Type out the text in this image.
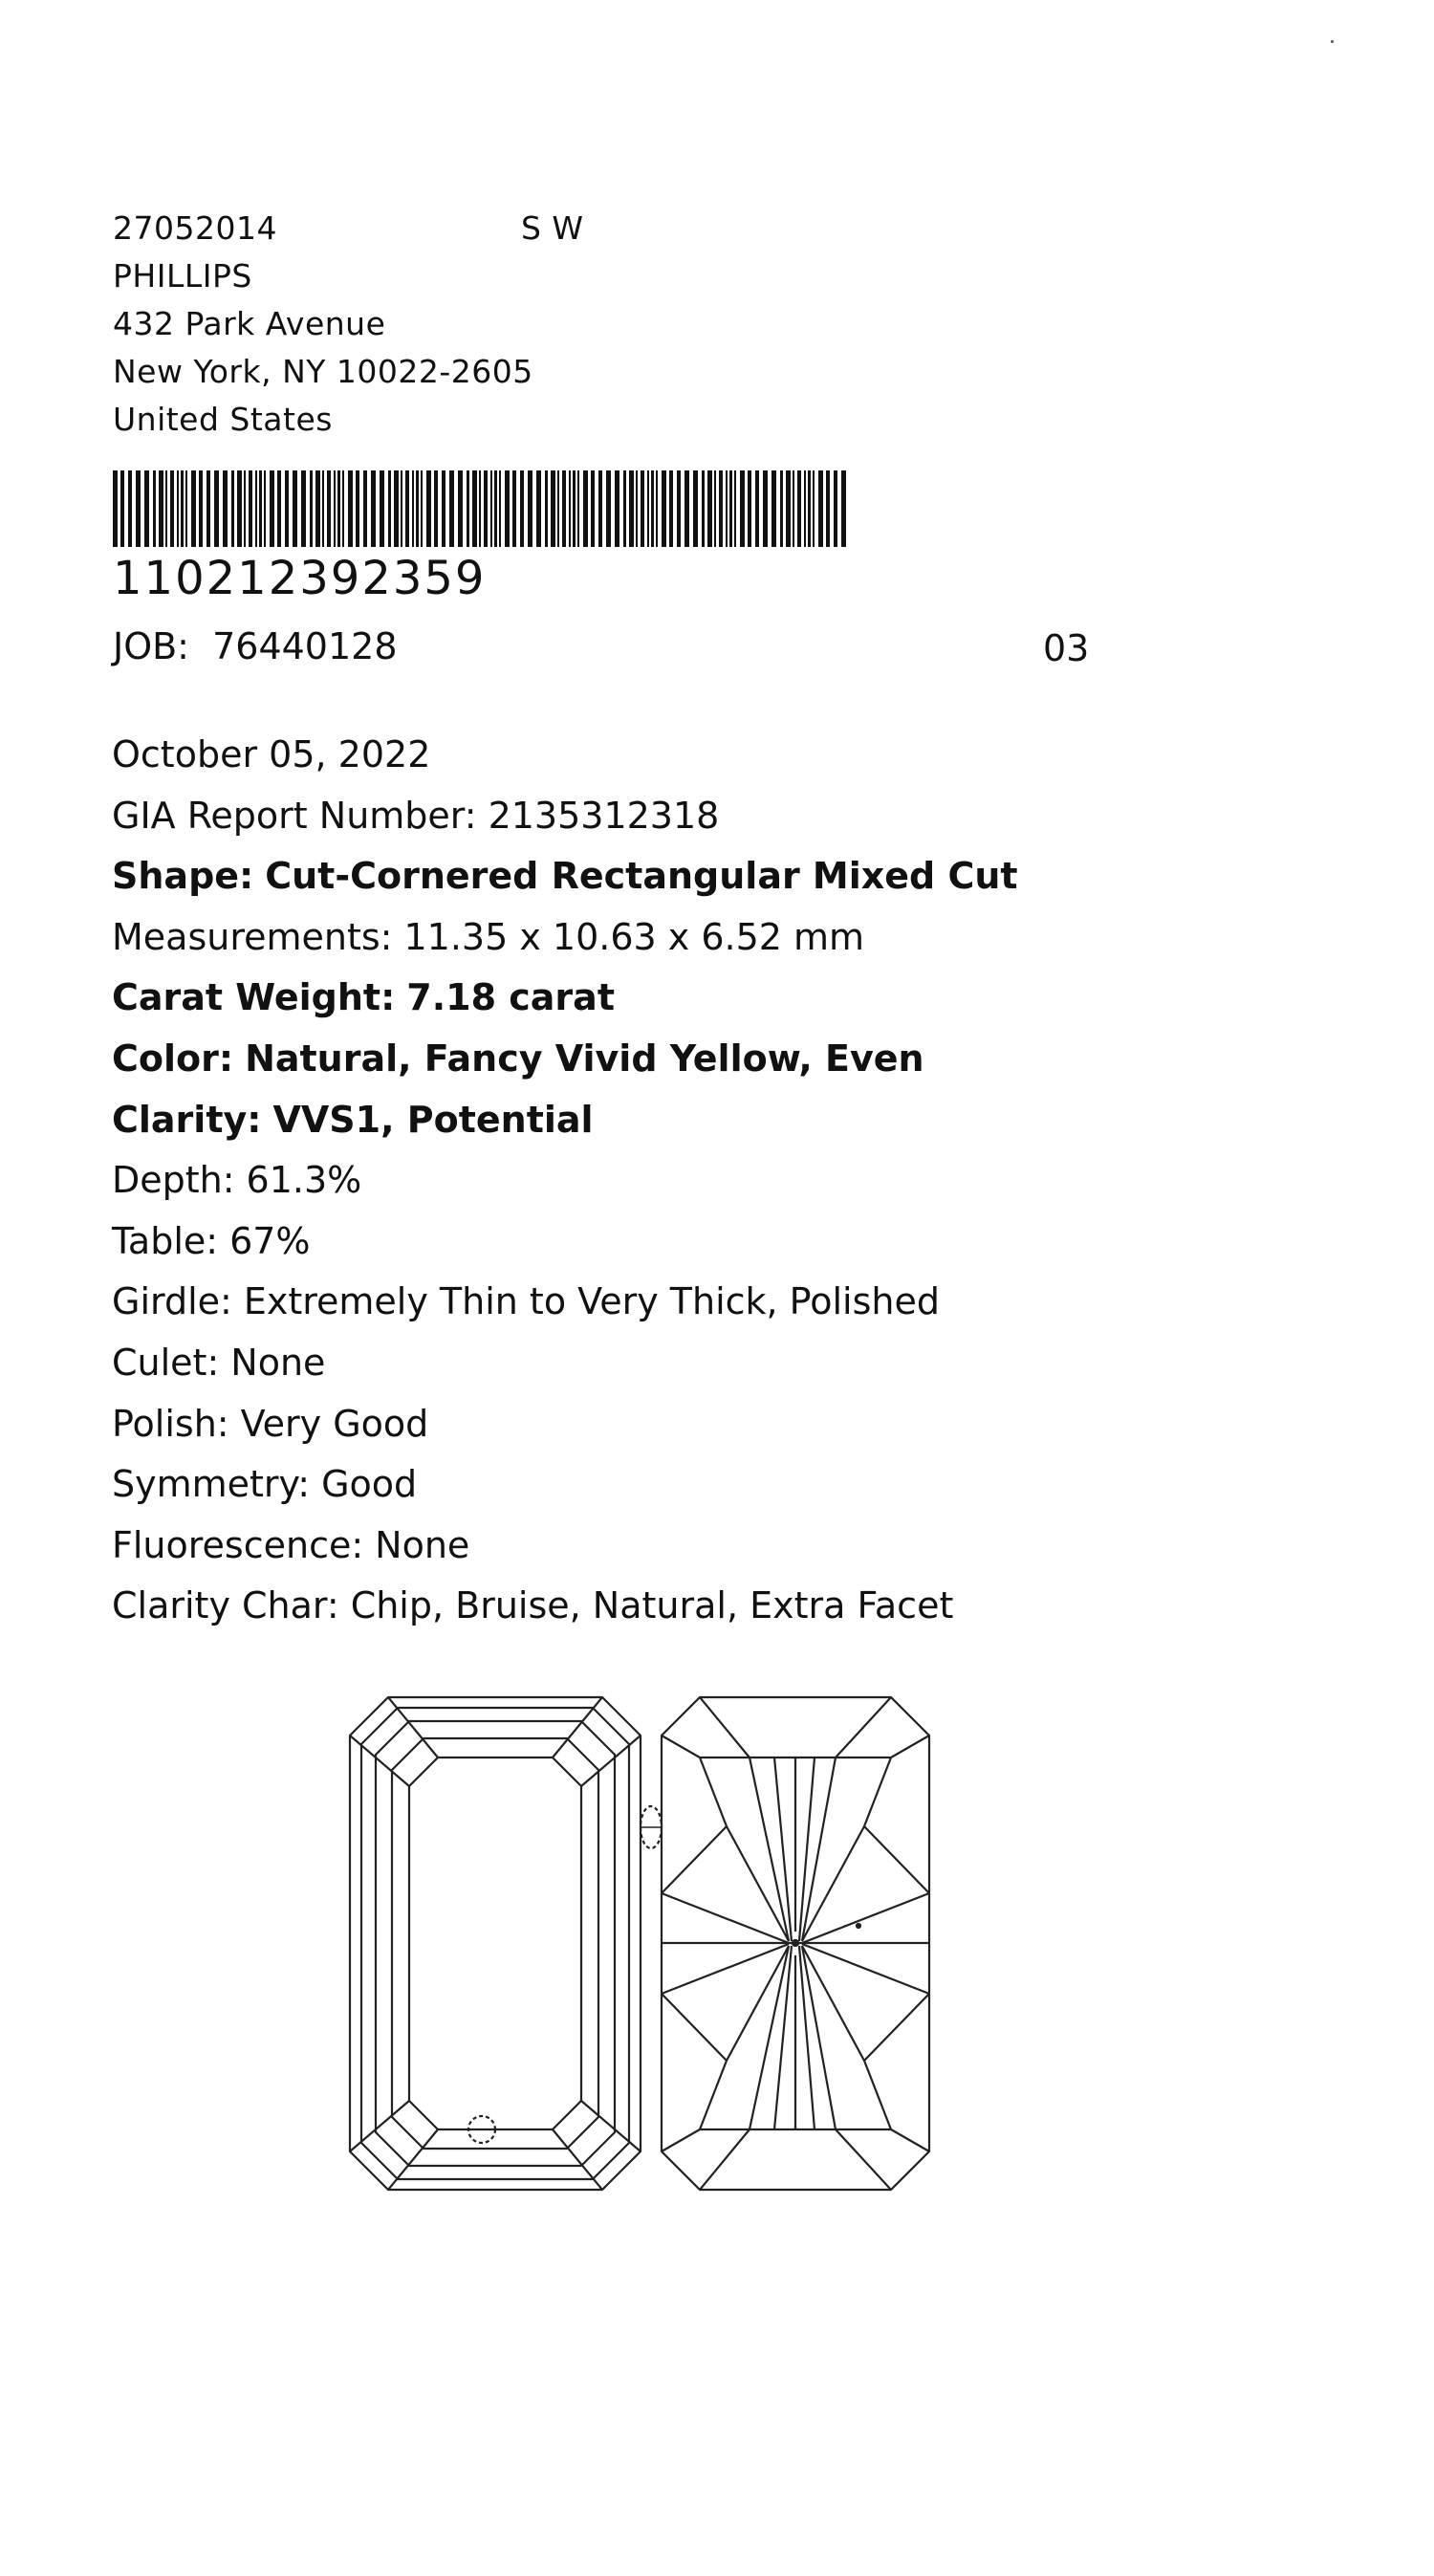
27052014	S W
PHILLIPS
432 Park Avenue
New York, NY 10022-2605
United States
110212392359
JOB: 76440128	03
October 05, 2022
GIA Report Number: 2135312318
Shape: Cut-Cornered Rectangular Mixed Cut
Measurements: 11.35 x 10.63 x 6.52 mm
Carat Weight: 7.18 carat
Color: Natural, Fancy Vivid Yellow, Even
Clarity: VVS1, Potential
Depth: 61.3%
Table: 67%
Girdle: Extremely Thin to Very Thick, Polished
Culet: None
Polish: Very Good
Symmetry: Good
Fluorescence: None
Clarity Char: Chip, Bruise, Natural, Extra Facet
